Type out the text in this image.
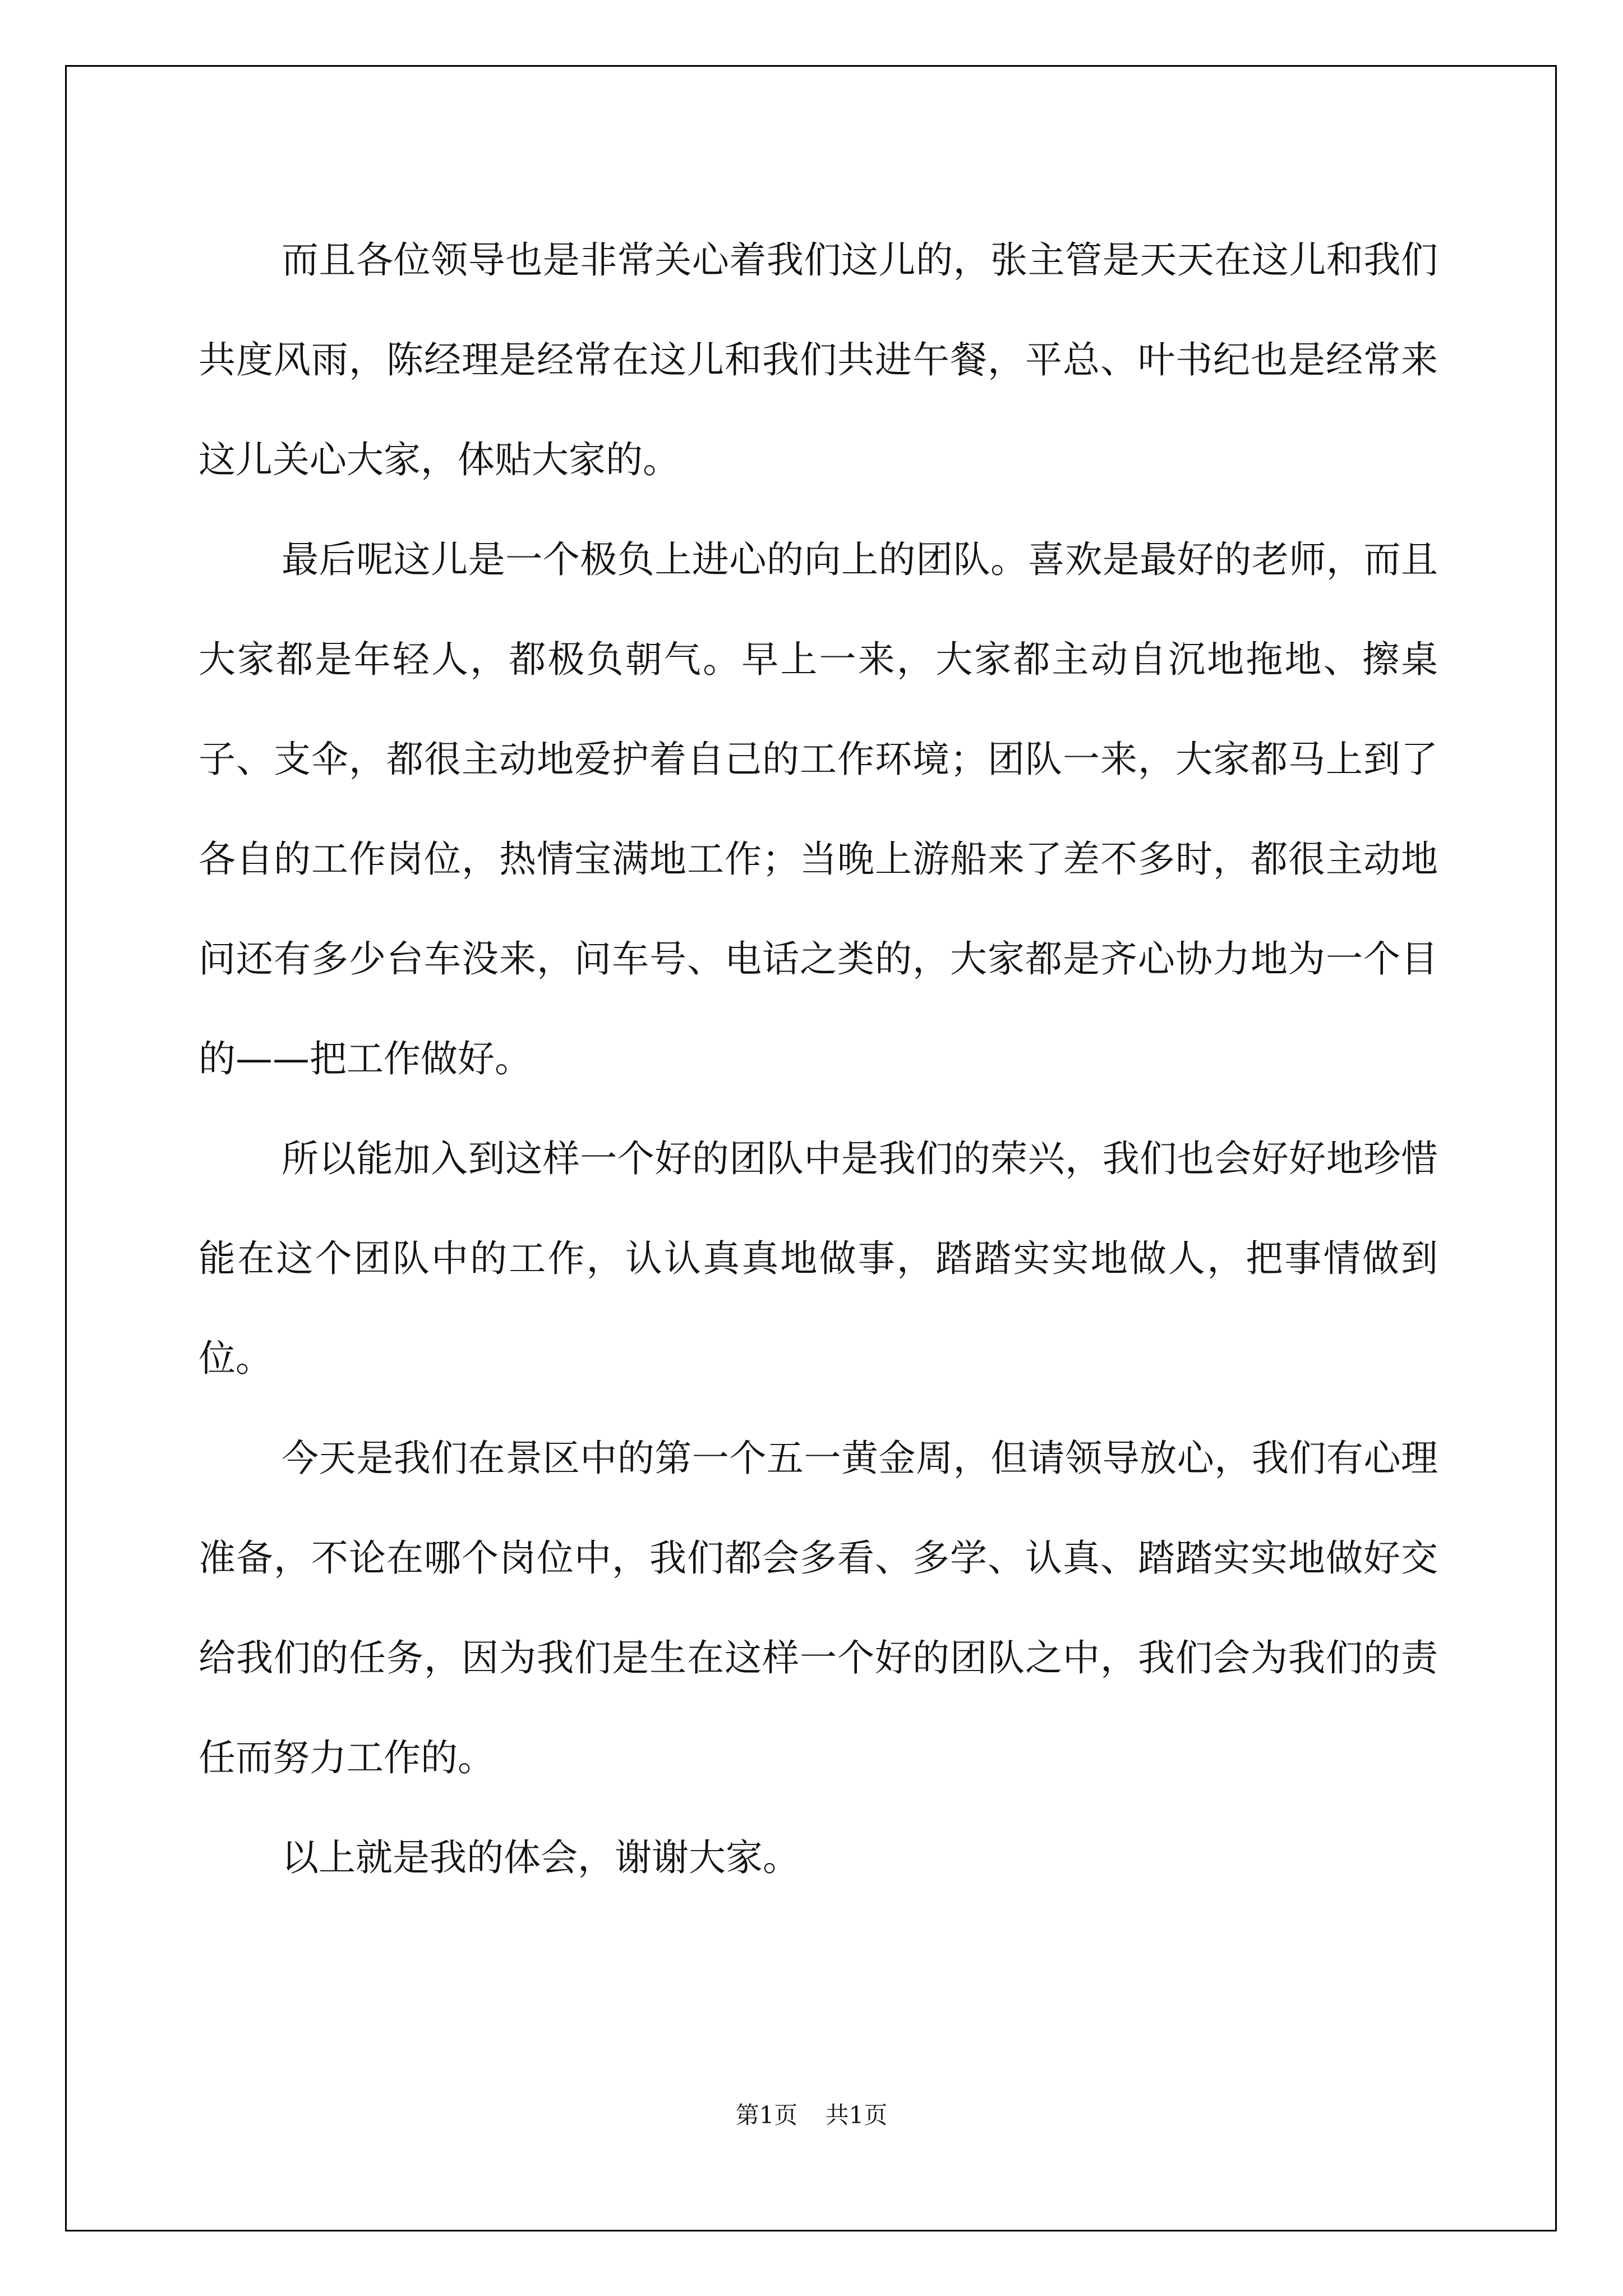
而且各位领导也是非常关心着我们这儿的，张主管是天天在这儿和我们共度风雨，陈经理是经常在这儿和我们共进午餐，平总、叶书纪也是经常来这儿关心大家，体贴大家的。

最后呢这儿是一个极负上进心的向上的团队。喜欢是最好的老师，而且大家都是年轻人，都极负朝气。早上一来，大家都主动自沉地拖地、擦桌子、支伞，都很主动地爱护着自己的工作环境；团队一来，大家都马上到了各自的工作岗位，热情宝满地工作；当晚上游船来了差不多时，都很主动地问还有多少台车没来，问车号、电话之类的，大家都是齐心协力地为一个目的——把工作做好。

所以能加入到这样一个好的团队中是我们的荣兴，我们也会好好地珍惜能在这个团队中的工作，认认真真地做事，踏踏实实地做人，把事情做到位。

今天是我们在景区中的第一个五一黄金周，但请领导放心，我们有心理准备，不论在哪个岗位中，我们都会多看、多学、认真、踏踏实实地做好交给我们的任务，因为我们是生在这样一个好的团队之中，我们会为我们的责任而努力工作的。

以上就是我的体会，谢谢大家。

第1页 共1页
